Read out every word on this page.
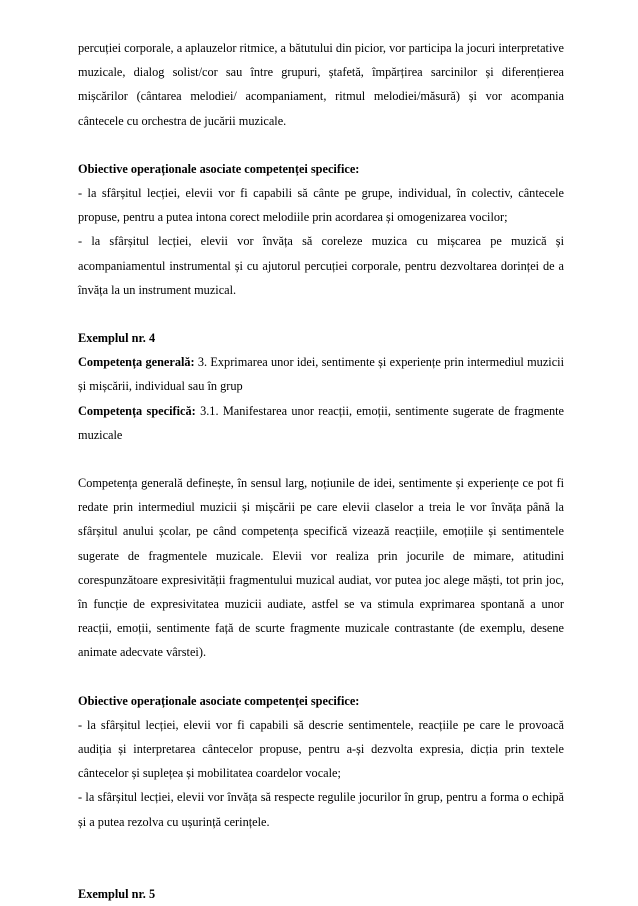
percuției corporale, a aplauzelor ritmice, a bătutului din picior, vor participa la jocuri interpretative muzicale, dialog solist/cor sau între grupuri, ștafetă, împărțirea sarcinilor și diferențierea mișcărilor (cântarea melodiei/ acompaniament, ritmul melodiei/măsură) și vor acompania cântecele cu orchestra de jucării muzicale.

Obiective operaționale asociate competenței specifice:

- la sfârșitul lecției, elevii vor fi capabili să cânte pe grupe, individual, în colectiv, cântecele propuse, pentru a putea intona corect melodiile prin acordarea și omogenizarea vocilor;

- la sfârșitul lecției, elevii vor învăța să coreleze muzica cu mișcarea pe muzică și acompaniamentul instrumental și cu ajutorul percuției corporale, pentru dezvoltarea dorinței de a învăța la un instrument muzical.

Exemplul nr. 4

Competența generală: 3. Exprimarea unor idei, sentimente și experiențe prin intermediul muzicii și mișcării, individual sau în grup

Competența specifică: 3.1. Manifestarea unor reacții, emoții, sentimente sugerate de fragmente muzicale

Competența generală definește, în sensul larg, noțiunile de idei, sentimente și experiențe ce pot fi redate prin intermediul muzicii și mișcării pe care elevii claselor a treia le vor învăța până la sfârșitul anului școlar, pe când competența specifică vizează reacțiile, emoțiile și sentimentele sugerate de fragmentele muzicale. Elevii vor realiza prin jocurile de mimare, atitudini corespunzătoare expresivității fragmentului muzical audiat, vor putea joc alege măști, tot prin joc, în funcție de expresivitatea muzicii audiate, astfel se va stimula exprimarea spontană a unor reacții, emoții, sentimente față de scurte fragmente muzicale contrastante (de exemplu, desene animate adecvate vârstei).

Obiective operaționale asociate competenței specifice:

- la sfârșitul lecției, elevii vor fi capabili să descrie sentimentele, reacțiile pe care le provoacă audiția și interpretarea cântecelor propuse, pentru a-și dezvolta expresia, dicția prin textele cântecelor și suplețea și mobilitatea coardelor vocale;

- la sfârșitul lecției, elevii vor învăța să respecte regulile jocurilor în grup, pentru a forma o echipă și a putea rezolva cu ușurință cerințele.

Exemplul nr. 5
